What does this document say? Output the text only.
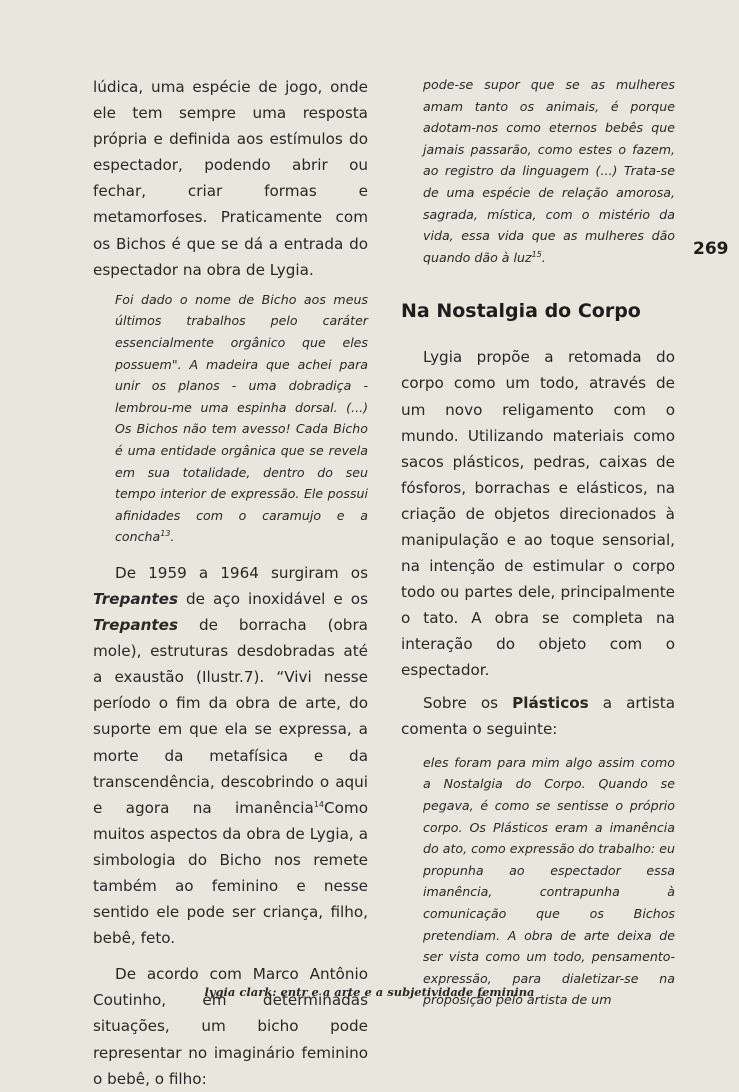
lúdica, uma espécie de jogo, onde ele tem sempre uma resposta própria e definida aos estímulos do espectador, podendo abrir ou fechar, criar formas e metamorfoses. Praticamente com os Bichos é que se dá a entrada do espectador na obra de Lygia.

Foi dado o nome de Bicho aos meus últimos trabalhos pelo caráter essencialmente orgânico que eles possuem". A madeira que achei para unir os planos - uma dobradiça - lembrou-me uma espinha dorsal. (...) Os Bichos não tem avesso! Cada Bicho é uma entidade orgânica que se revela em sua totalidade, dentro do seu tempo interior de expressão. Ele possui afinidades com o caramujo e a concha$^{13}$.

De 1959 a 1964 surgiram os Trepantes de aço inoxidável e os Trepantes de borracha (obra mole), estruturas desdobradas até a exaustão (Ilustr.7). “Vivi nesse período o fim da obra de arte, do suporte em que ela se expressa, a morte da metafísica e da transcendência, descobrindo o aqui e agora na imanência$^{14}$Como muitos aspectos da obra de Lygia, a simbologia do Bicho nos remete também ao feminino e nesse sentido ele pode ser criança, filho, bebê, feto.

De acordo com Marco Antônio Coutinho, em determinadas situações, um bicho pode representar no imaginário feminino o bebê, o filho:

pode-se supor que se as mulheres amam tanto os animais, é porque adotam-nos como eternos bebês que jamais passarão, como estes o fazem, ao registro da linguagem (...) Trata-se de uma espécie de relação amorosa, sagrada, mística, com o mistério da vida, essa vida que as mulheres dão quando dão à luz$^{15}$.

Na Nostalgia do Corpo

Lygia propõe a retomada do corpo como um todo, através de um novo religamento com o mundo. Utilizando materiais como sacos plásticos, pedras, caixas de fósforos, borrachas e elásticos, na criação de objetos direcionados à manipulação e ao toque sensorial, na intenção de estimular o corpo todo ou partes dele, principalmente o tato. A obra se completa na interação do objeto com o espectador.

Sobre os Plásticos a artista comenta o seguinte:

eles foram para mim algo assim como a Nostalgia do Corpo. Quando se pegava, é como se sentisse o próprio corpo. Os Plásticos eram a imanência do ato, como expressão do trabalho: eu propunha ao espectador essa imanência, contrapunha à comunicação que os Bichos pretendiam. A obra de arte deixa de ser vista como um todo, pensamento-expressão, para dialetizar-se na proposição pelo artista de um

269
lygia clark: entr e a arte e a subjetividade feminina
